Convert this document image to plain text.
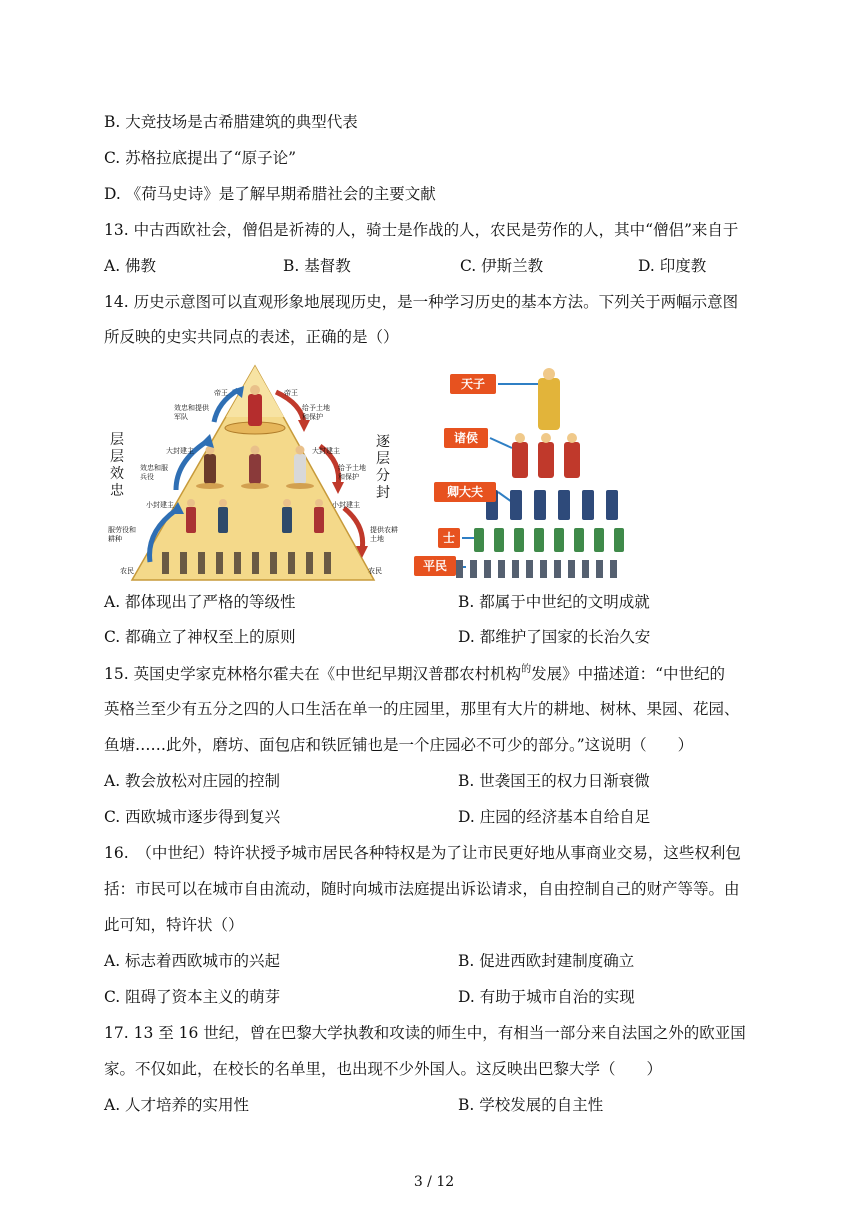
B. 大竞技场是古希腊建筑的典型代表
C. 苏格拉底提出了“原子论”
D. 《荷马史诗》是了解早期希腊社会的主要文献
13. 中古西欧社会，僧侣是祈祷的人，骑士是作战的人，农民是劳作的人，其中“僧侣”来自于
A. 佛教	B. 基督教	C. 伊斯兰教	D. 印度教
14. 历史示意图可以直观形象地展现历史，是一种学习历史的基本方法。下列关于两幅示意图
所反映的史实共同点的表述，正确的是（）
层层效忠
逐层分封
帝王	帝王
效忠和提供军队
给予土地和保护
大封建主	大封建主
效忠和服兵役
给予土地和保护
小封建主	小封建主
服劳役和耕种
提供农耕土地
农民	农民
天子
诸侯
卿大夫
士
平民
A. 都体现出了严格的等级性	B. 都属于中世纪的文明成就
C. 都确立了神权至上的原则	D. 都维护了国家的长治久安
15. 英国史学家克林格尔霍夫在《中世纪早期汉普郡农村机构$^的$发展》中描述道：“中世纪的
英格兰至少有五分之四的人口生活在单一的庄园里，那里有大片的耕地、树林、果园、花园、
鱼塘……此外，磨坊、面包店和铁匠铺也是一个庄园必不可少的部分。”这说明（　　）
A. 教会放松对庄园的控制	B. 世袭国王的权力日渐衰微
C. 西欧城市逐步得到复兴	D. 庄园的经济基本自给自足
16.　（中世纪）特许状授予城市居民各种特权是为了让市民更好地从事商业交易，这些权利包
括：市民可以在城市自由流动，随时向城市法庭提出诉讼请求，自由控制自己的财产等等。由
此可知，特许状（）
A. 标志着西欧城市的兴起	B. 促进西欧封建制度确立
C. 阻碍了资本主义的萌芽	D. 有助于城市自治的实现
17. 13 至 16 世纪，曾在巴黎大学执教和攻读的师生中，有相当一部分来自法国之外的欧亚国
家。不仅如此，在校长的名单里，也出现不少外国人。这反映出巴黎大学（　　）
A. 人才培养的实用性	B. 学校发展的自主性
3 / 12
